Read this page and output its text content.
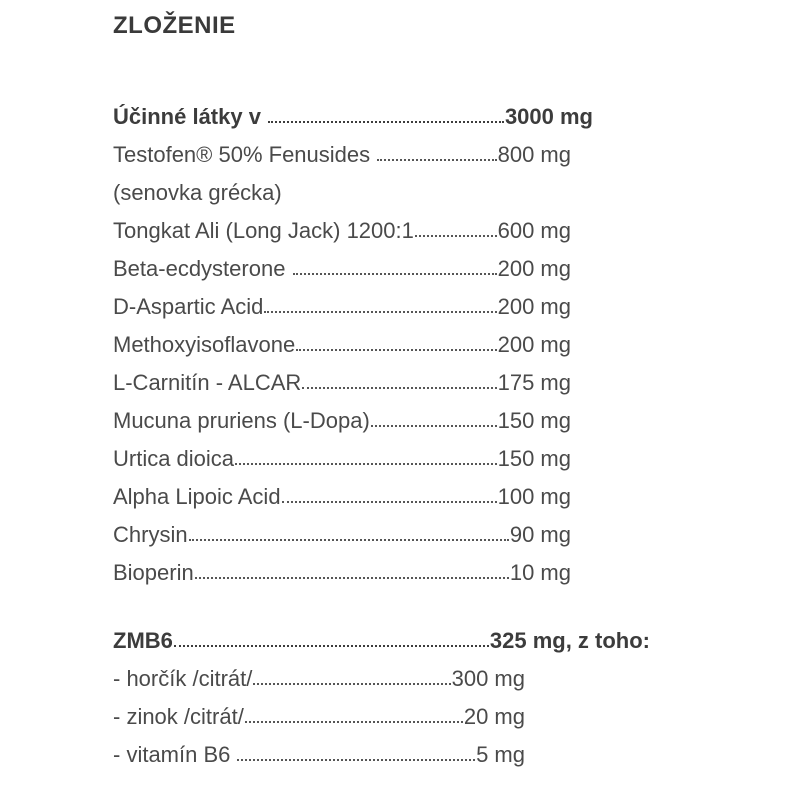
ZLOŽENIE
Účinné látky v	3000 mg
Testofen® 50% Fenusides	800 mg
(senovka grécka)
Tongkat Ali (Long Jack) 1200:1	600 mg
Beta-ecdysterone	200 mg
D-Aspartic Acid	200 mg
Methoxyisoflavone	200 mg
L-Carnitín - ALCAR	175 mg
Mucuna pruriens (L-Dopa)	150 mg
Urtica dioica	150 mg
Alpha Lipoic Acid	100 mg
Chrysin	90 mg
Bioperin	10 mg
ZMB6	325 mg, z toho:
- horčík /citrát/	300 mg
- zinok /citrát/	20 mg
- vitamín B6	5 mg
